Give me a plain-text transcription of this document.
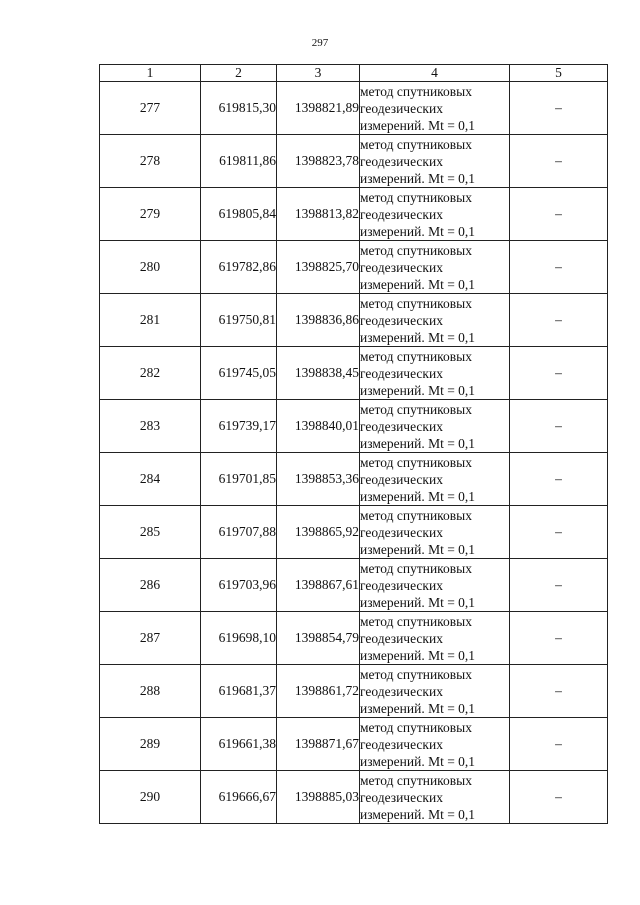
297
1	2	3	4	5
277	619815,30	1398821,89	метод спутниковых
геодезических
измерений. Mt = 0,1	–
278	619811,86	1398823,78	метод спутниковых
геодезических
измерений. Mt = 0,1	–
279	619805,84	1398813,82	метод спутниковых
геодезических
измерений. Mt = 0,1	–
280	619782,86	1398825,70	метод спутниковых
геодезических
измерений. Mt = 0,1	–
281	619750,81	1398836,86	метод спутниковых
геодезических
измерений. Mt = 0,1	–
282	619745,05	1398838,45	метод спутниковых
геодезических
измерений. Mt = 0,1	–
283	619739,17	1398840,01	метод спутниковых
геодезических
измерений. Mt = 0,1	–
284	619701,85	1398853,36	метод спутниковых
геодезических
измерений. Mt = 0,1	–
285	619707,88	1398865,92	метод спутниковых
геодезических
измерений. Mt = 0,1	–
286	619703,96	1398867,61	метод спутниковых
геодезических
измерений. Mt = 0,1	–
287	619698,10	1398854,79	метод спутниковых
геодезических
измерений. Mt = 0,1	–
288	619681,37	1398861,72	метод спутниковых
геодезических
измерений. Mt = 0,1	–
289	619661,38	1398871,67	метод спутниковых
геодезических
измерений. Mt = 0,1	–
290	619666,67	1398885,03	метод спутниковых
геодезических
измерений. Mt = 0,1	–
